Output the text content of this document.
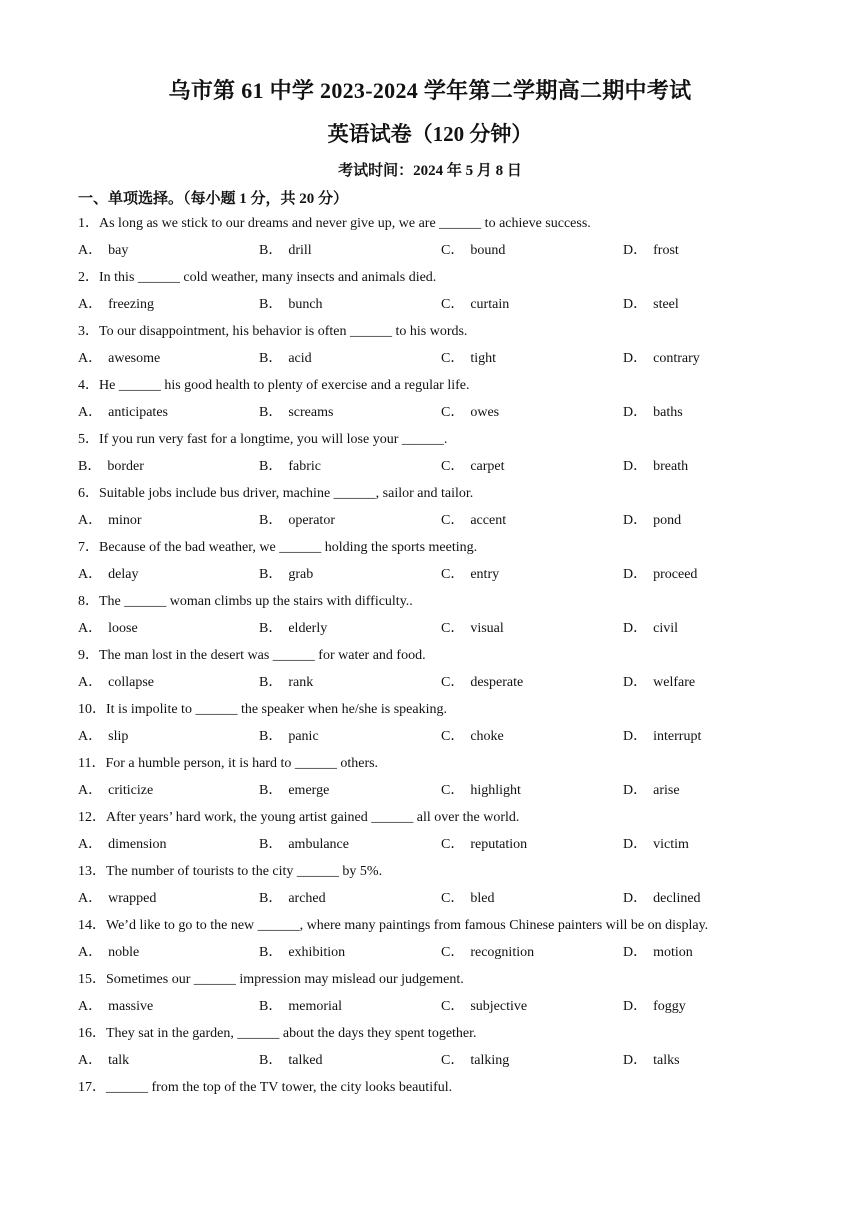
乌市第 61 中学 2023-2024 学年第二学期高二期中考试
英语试卷（120 分钟）
考试时间：2024 年 5 月 8 日
一、单项选择。（每小题 1 分，共 20 分）
1．As long as we stick to our dreams and never give up, we are ______ to achieve success.
A． bay	B． drill	C． bound	D． frost
2．In this ______ cold weather, many insects and animals died.
A． freezing	B． bunch	C． curtain	D． steel
3．To our disappointment, his behavior is often ______ to his words.
A． awesome	B． acid	C． tight	D． contrary
4．He ______ his good health to plenty of exercise and a regular life.
A． anticipates	B． screams	C． owes	D． baths
5．If you run very fast for a longtime, you will lose your ______.
B． border	B． fabric	C． carpet	D． breath
6．Suitable jobs include bus driver, machine ______, sailor and tailor.
A． minor	B． operator	C． accent	D． pond
7．Because of the bad weather, we ______ holding the sports meeting.
A． delay	B． grab	C． entry	D． proceed
8．The ______ woman climbs up the stairs with difficulty..
A． loose	B． elderly	C． visual	D． civil
9．The man lost in the desert was ______ for water and food.
A． collapse	B． rank	C． desperate	D． welfare
10．It is impolite to ______ the speaker when he/she is speaking.
A． slip	B． panic	C． choke	D． interrupt
11．For a humble person, it is hard to ______ others.
A． criticize	B． emerge	C． highlight	D． arise
12．After years’ hard work, the young artist gained ______ all over the world.
A． dimension	B． ambulance	C． reputation	D． victim
13．The number of tourists to the city ______ by 5%.
A． wrapped	B． arched	C． bled	D． declined
14．We’d like to go to the new ______, where many paintings from famous Chinese painters will be on display.
A． noble	B． exhibition	C． recognition	D． motion
15．Sometimes our ______ impression may mislead our judgement.
A． massive	B． memorial	C． subjective	D． foggy
16．They sat in the garden, ______ about the days they spent together.
A． talk	B． talked	C． talking	D． talks
17．______ from the top of the TV tower, the city looks beautiful.
